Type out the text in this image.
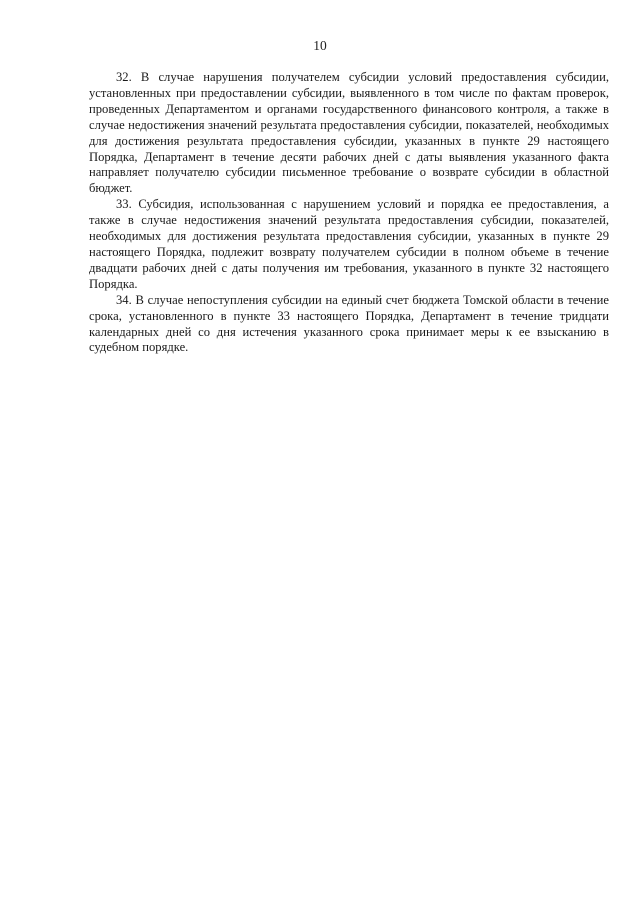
10

32. В случае нарушения получателем субсидии условий предоставления субсидии, установленных при предоставлении субсидии, выявленного в том числе по фактам проверок, проведенных Департаментом и органами государственного финансового контроля, а также в случае недостижения значений результата предоставления субсидии, показателей, необходимых для достижения результата предоставления субсидии, указанных в пункте 29 настоящего Порядка, Департамент в течение десяти рабочих дней с даты выявления указанного факта направляет получателю субсидии письменное требование о возврате субсидии в областной бюджет.

33. Субсидия, использованная с нарушением условий и порядка ее предоставления, а также в случае недостижения значений результата предоставления субсидии, показателей, необходимых для достижения результата предоставления субсидии, указанных в пункте 29 настоящего Порядка, подлежит возврату получателем субсидии в полном объеме в течение двадцати рабочих дней с даты получения им требования, указанного в пункте 32 настоящего Порядка.

34. В случае непоступления субсидии на единый счет бюджета Томской области в течение срока, установленного в пункте 33 настоящего Порядка, Департамент в течение тридцати календарных дней со дня истечения указанного срока принимает меры к ее взысканию в судебном порядке.
